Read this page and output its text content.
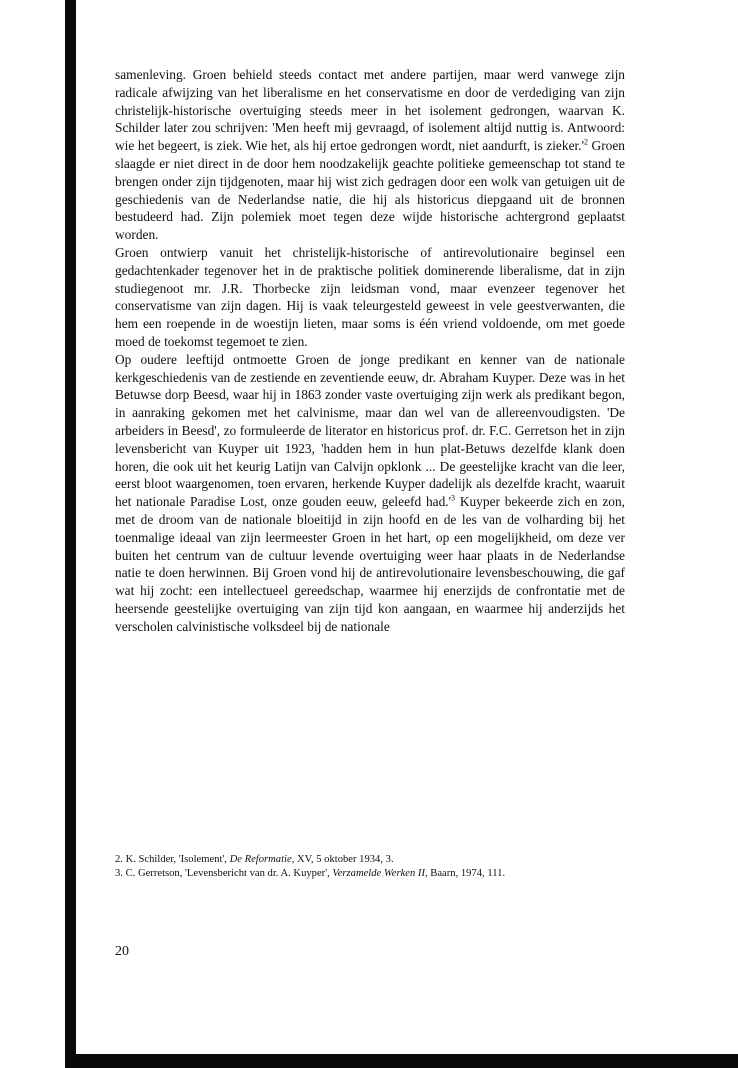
samenleving. Groen behield steeds contact met andere partijen, maar werd vanwege zijn radicale afwijzing van het liberalisme en het conservatisme en door de verdediging van zijn christelijk-historische overtuiging steeds meer in het isolement gedrongen, waarvan K. Schilder later zou schrijven: 'Men heeft mij gevraagd, of isolement altijd nuttig is. Antwoord: wie het begeert, is ziek. Wie het, als hij ertoe gedrongen wordt, niet aandurft, is $zieker.'^2$ Groen slaagde er niet direct in de door hem noodzakelijk geachte politieke gemeenschap tot stand te brengen onder zijn tijdgenoten, maar hij wist zich gedragen door een wolk van getuigen uit de geschiedenis van de Nederlandse natie, die hij als historicus diepgaand uit de bronnen bestudeerd had. Zijn polemiek moet tegen deze wijde historische achtergrond geplaatst worden.

Groen ontwierp vanuit het christelijk-historische of antirevolutionaire beginsel een gedachtenkader tegenover het in de praktische politiek dominerende liberalisme, dat in zijn studiegenoot mr. J.R. Thorbecke zijn leidsman vond, maar evenzeer tegenover het conservatisme van zijn dagen. Hij is vaak teleurgesteld geweest in vele geestverwanten, die hem een roepende in de woestijn lieten, maar soms is één vriend voldoende, om met goede moed de toekomst tegemoet te zien.

Op oudere leeftijd ontmoette Groen de jonge predikant en kenner van de nationale kerkgeschiedenis van de zestiende en zeventiende eeuw, dr. Abraham Kuyper. Deze was in het Betuwse dorp Beesd, waar hij in 1863 zonder vaste overtuiging zijn werk als predikant begon, in aanraking gekomen met het calvinisme, maar dan wel van de allereenvoudigsten. 'De arbeiders in Beesd', zo formuleerde de literator en historicus prof. dr. F.C. Gerretson het in zijn levensbericht van Kuyper uit 1923, 'hadden hem in hun plat-Betuws dezelfde klank doen horen, die ook uit het keurig Latijn van Calvijn opklonk ... De geestelijke kracht van die leer, eerst bloot waargenomen, toen ervaren, herkende Kuyper dadelijk als dezelfde kracht, waaruit het nationale Paradise Lost, onze gouden eeuw, geleefd $had.'^3$ Kuyper bekeerde zich en zon, met de droom van de nationale bloeitijd in zijn hoofd en de les van de volharding bij het toenmalige ideaal van zijn leermeester Groen in het hart, op een mogelijkheid, om deze ver buiten het centrum van de cultuur levende overtuiging weer haar plaats in de Nederlandse natie te doen herwinnen. Bij Groen vond hij de antirevolutionaire levensbeschouwing, die gaf wat hij zocht: een intellectueel gereedschap, waarmee hij enerzijds de confrontatie met de heersende geestelijke overtuiging van zijn tijd kon aangaan, en waarmee hij anderzijds het verscholen calvinistische volksdeel bij de nationale

2. K. Schilder, 'Isolement', De Reformatie, XV, 5 oktober 1934, 3.

3. C. Gerretson, 'Levensbericht van dr. A. Kuyper', Verzamelde Werken II, Baarn, 1974, 111.

20
